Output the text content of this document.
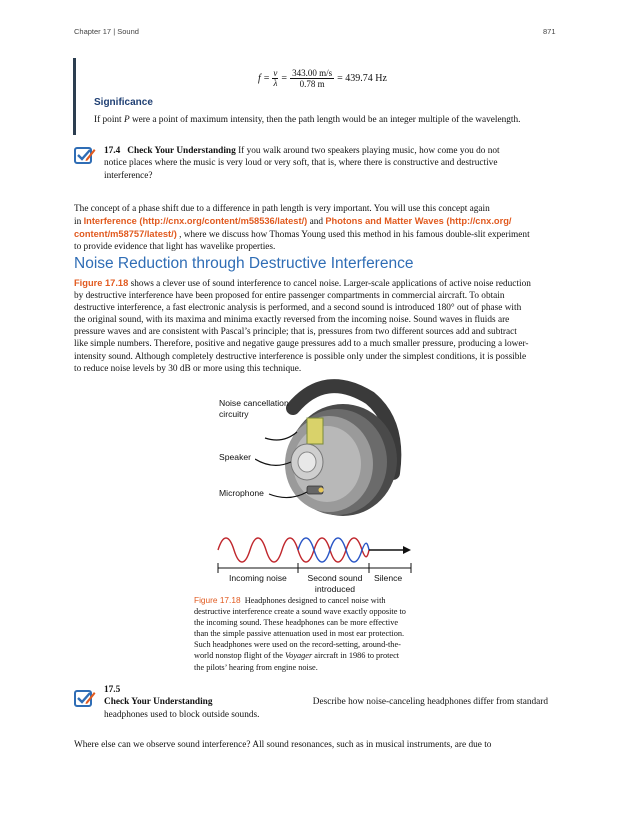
Chapter 17 | Sound	871
$f = \frac{v}{\lambda} = \frac{343.00 m/s}{0.78 m} = 439.74$ Hz
Significance
If point P were a point of maximum intensity, then the path length would be an integer multiple of the wavelength.
17.4 Check Your Understanding If you walk around two speakers playing music, how come you do not
notice places where the music is very loud or very soft, that is, where there is constructive and destructive
interference?
The concept of a phase shift due to a difference in path length is very important. You will use this concept again
in Interference (http://cnx.org/content/m58536/latest/) and Photons and Matter Waves (http://cnx.org/
content/m58757/latest/) , where we discuss how Thomas Young used this method in his famous double-slit experiment
to provide evidence that light has wavelike properties.
Noise Reduction through Destructive Interference
Figure 17.18 shows a clever use of sound interference to cancel noise. Larger-scale applications of active noise reduction
by destructive interference have been proposed for entire passenger compartments in commercial aircraft. To obtain
destructive interference, a fast electronic analysis is performed, and a second sound is introduced 180° out of phase with
the original sound, with its maxima and minima exactly reversed from the incoming noise. Sound waves in fluids are
pressure waves and are consistent with Pascal’s principle; that is, pressures from two different sources add and subtract
like simple numbers. Therefore, positive and negative gauge pressures add to a much smaller pressure, producing a lower-
intensity sound. Although completely destructive interference is possible only under the simplest conditions, it is possible
to reduce noise levels by 30 dB or more using this technique.
Noise cancellation
circuitry
Speaker
Microphone
Incoming noise	Second sound
introduced
Silence
Figure 17.18 Headphones designed to cancel noise with
destructive interference create a sound wave exactly opposite to
the incoming sound. These headphones can be more effective
than the simple passive attenuation used in most ear protection.
Such headphones were used on the record-setting, around-the-
world nonstop flight of the Voyager aircraft in 1986 to protect
the pilots’ hearing from engine noise.
17.5
Check Your Understanding	Describe how noise-canceling headphones differ from standard
headphones used to block outside sounds.
Where else can we observe sound interference? All sound resonances, such as in musical instruments, are due to
